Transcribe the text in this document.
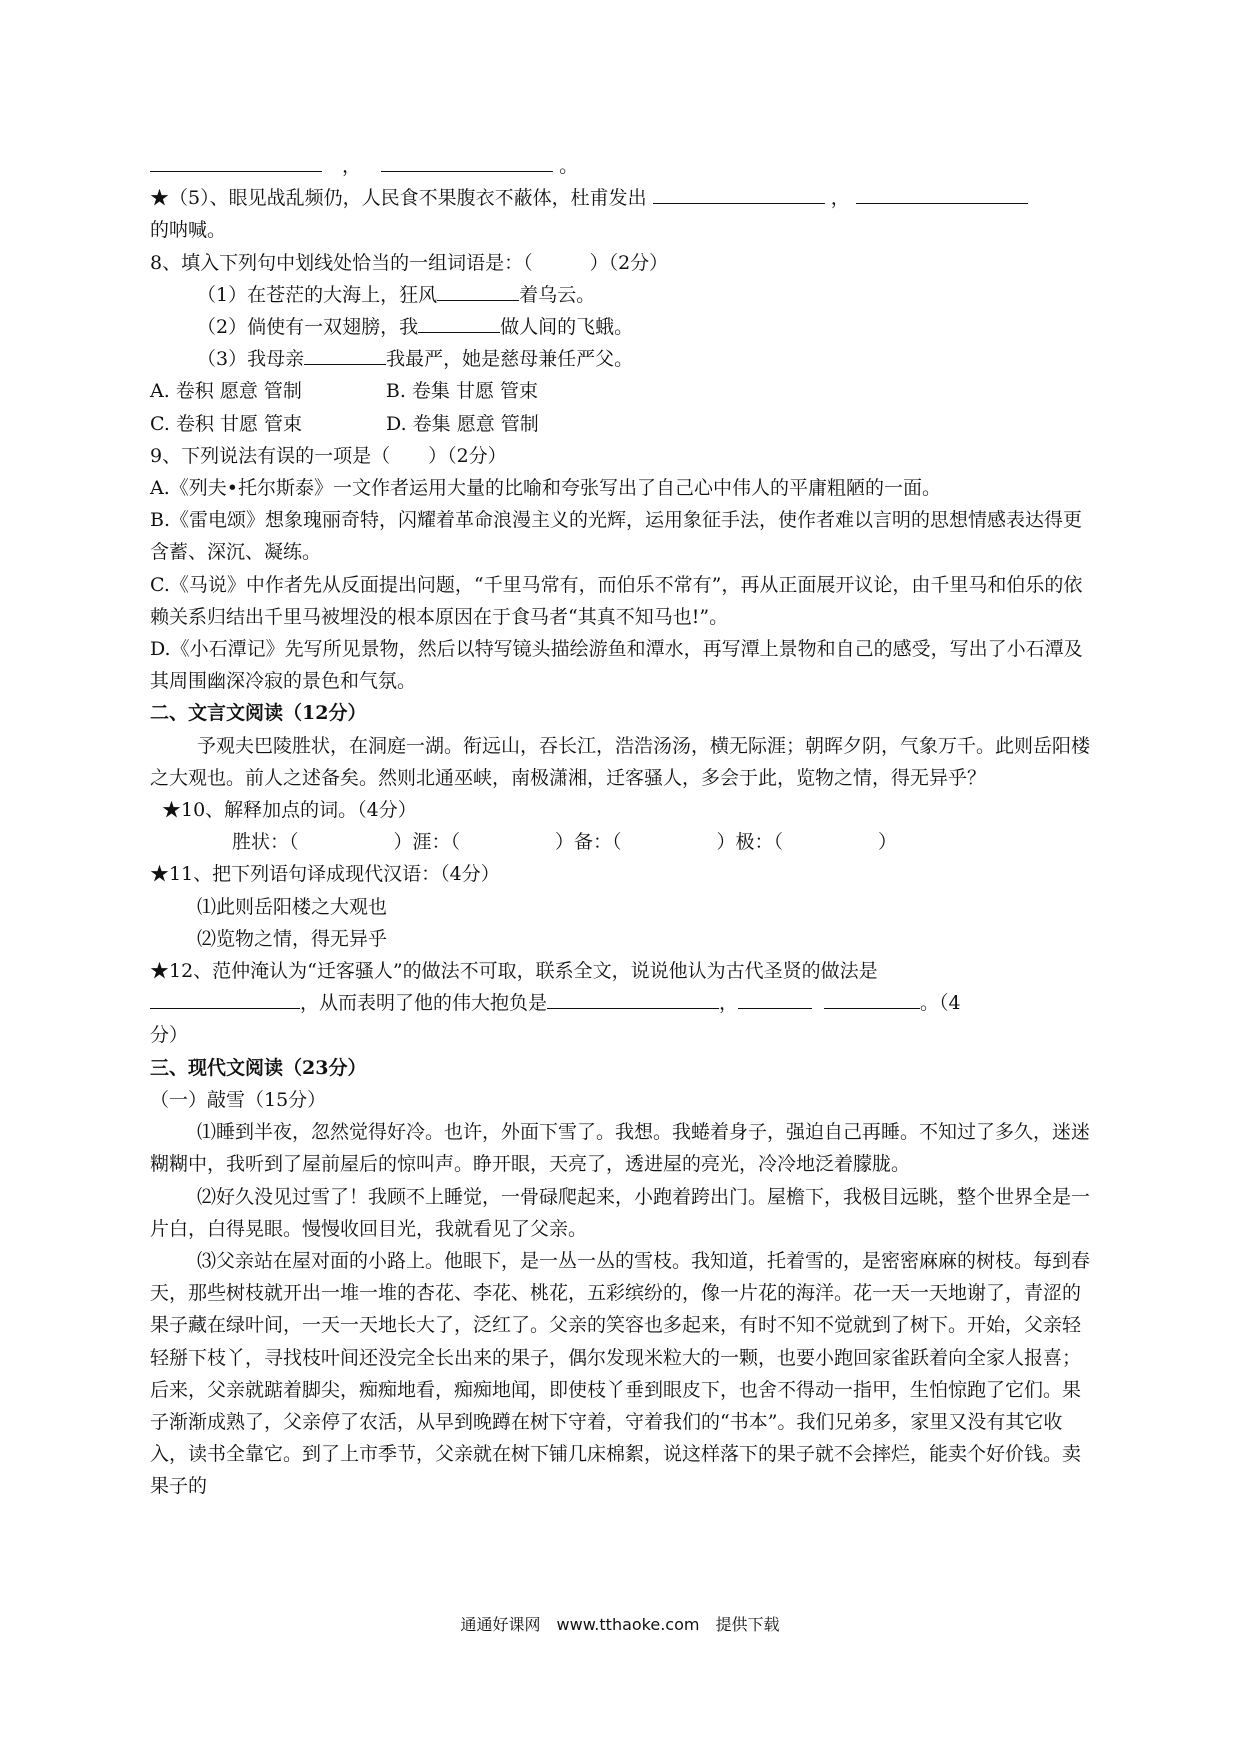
，	。
★（5）、眼见战乱频仍，人民食不果腹衣不蔽体，杜甫发出	，
的呐喊。
8、填入下列句中划线处恰当的一组词语是：（　　　）（2分）
（1）在苍茫的大海上，狂风	着乌云。
（2）倘使有一双翅膀，我	做人间的飞蛾。
（3）我母亲	我最严，她是慈母兼任严父。
A. 卷积 愿意 管制	B. 卷集 甘愿 管束
C. 卷积 甘愿 管束	D. 卷集 愿意 管制
9、下列说法有误的一项是（　　）（2分）
A.《列夫•托尔斯泰》一文作者运用大量的比喻和夸张写出了自己心中伟人的平庸粗陋的一面。
B.《雷电颂》想象瑰丽奇特，闪耀着革命浪漫主义的光辉，运用象征手法，使作者难以言明的思想情感表达得更含蓄、深沉、凝练。
C.《马说》中作者先从反面提出问题，“千里马常有，而伯乐不常有”，再从正面展开议论，由千里马和伯乐的依赖关系归结出千里马被埋没的根本原因在于食马者“其真不知马也!”。
D.《小石潭记》先写所见景物，然后以特写镜头描绘游鱼和潭水，再写潭上景物和自己的感受，写出了小石潭及其周围幽深冷寂的景色和气氛。
二、文言文阅读（12分）
予观夫巴陵胜状，在洞庭一湖。衔远山，吞长江，浩浩汤汤，横无际涯；朝晖夕阴，气象万千。此则岳阳楼之大观也。前人之述备矣。然则北通巫峡，南极潇湘，迁客骚人，多会于此，览物之情，得无异乎？
★10、解释加点的词。（4分）
胜状：（　　　　　）涯：（　　　　　）备：（　　　　　）极：（　　　　　）
★11、把下列语句译成现代汉语：（4分）
⑴此则岳阳楼之大观也
⑵览物之情，得无异乎
★12、范仲淹认为“迁客骚人”的做法不可取，联系全文，说说他认为古代圣贤的做法是
，从而表明了他的伟大抱负是	，	。（4
分）
三、现代文阅读（23分）
（一）敲雪（15分）
⑴睡到半夜，忽然觉得好冷。也许，外面下雪了。我想。我蜷着身子，强迫自己再睡。不知过了多久，迷迷糊糊中，我听到了屋前屋后的惊叫声。睁开眼，天亮了，透进屋的亮光，冷冷地泛着朦胧。
⑵好久没见过雪了！我顾不上睡觉，一骨碌爬起来，小跑着跨出门。屋檐下，我极目远眺，整个世界全是一片白，白得晃眼。慢慢收回目光，我就看见了父亲。
⑶父亲站在屋对面的小路上。他眼下，是一丛一丛的雪枝。我知道，托着雪的，是密密麻麻的树枝。每到春天，那些树枝就开出一堆一堆的杏花、李花、桃花，五彩缤纷的，像一片花的海洋。花一天一天地谢了，青涩的果子藏在绿叶间，一天一天地长大了，泛红了。父亲的笑容也多起来，有时不知不觉就到了树下。开始，父亲轻轻掰下枝丫，寻找枝叶间还没完全长出来的果子，偶尔发现米粒大的一颗，也要小跑回家雀跃着向全家人报喜；后来，父亲就踮着脚尖，痴痴地看，痴痴地闻，即使枝丫垂到眼皮下，也舍不得动一指甲，生怕惊跑了它们。果子渐渐成熟了，父亲停了农活，从早到晚蹲在树下守着，守着我们的“书本”。我们兄弟多，家里又没有其它收入，读书全靠它。到了上市季节，父亲就在树下铺几床棉絮，说这样落下的果子就不会摔烂，能卖个好价钱。卖果子的
通通好课网　www.tthaoke.com　提供下载
